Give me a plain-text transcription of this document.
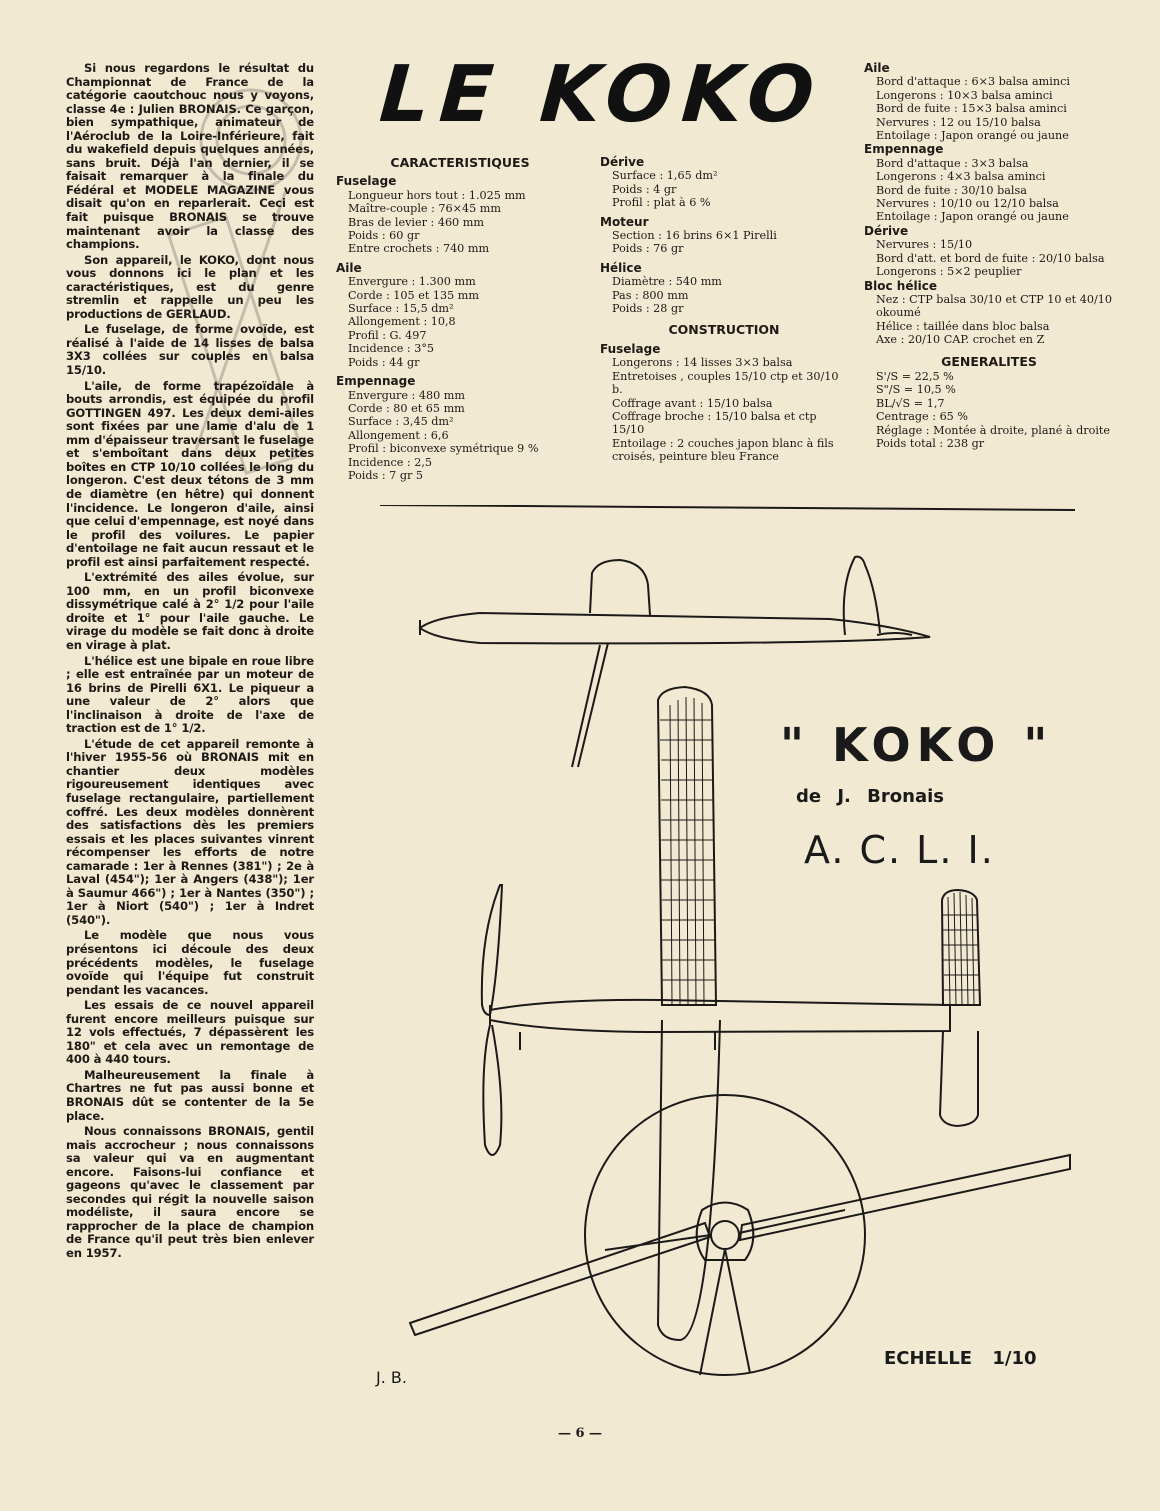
Si nous regardons le résultat du Championnat de France de la catégorie caoutchouc nous y voyons, classe 4e : Julien BRONAIS. Ce garçon, bien sympathique, animateur de l'Aéroclub de la Loire-Inférieure, fait du wakefield depuis quelques années, sans bruit. Déjà l'an dernier, il se faisait remarquer à la finale du Fédéral et MODELE MAGAZINE vous disait qu'on en reparlerait. Ceci est fait puisque BRONAIS se trouve maintenant avoir la classe des champions.

Son appareil, le KOKO, dont nous vous donnons ici le plan et les caractéristiques, est du genre stremlin et rappelle un peu les productions de GERLAUD.

Le fuselage, de forme ovoïde, est réalisé à l'aide de 14 lisses de balsa 3X3 collées sur couples en balsa 15/10.

L'aile, de forme trapézoïdale à bouts arrondis, est équipée du profil GOTTINGEN 497. Les deux demi-ailes sont fixées par une lame d'alu de 1 mm d'épaisseur traversant le fuselage et s'emboîtant dans deux petites boîtes en CTP 10/10 collées le long du longeron. C'est deux tétons de 3 mm de diamètre (en hêtre) qui donnent l'incidence. Le longeron d'aile, ainsi que celui d'empennage, est noyé dans le profil des voilures. Le papier d'entoilage ne fait aucun ressaut et le profil est ainsi parfaitement respecté.

L'extrémité des ailes évolue, sur 100 mm, en un profil biconvexe dissymétrique calé à 2° 1/2 pour l'aile droite et 1° pour l'aile gauche. Le virage du modèle se fait donc à droite en virage à plat.

L'hélice est une bipale en roue libre ; elle est entraînée par un moteur de 16 brins de Pirelli 6X1. Le piqueur a une valeur de 2° alors que l'inclinaison à droite de l'axe de traction est de 1° 1/2.

L'étude de cet appareil remonte à l'hiver 1955-56 où BRONAIS mit en chantier deux modèles rigoureusement identiques avec fuselage rectangulaire, partiellement coffré. Les deux modèles donnèrent des satisfactions dès les premiers essais et les places suivantes vinrent récompenser les efforts de notre camarade : 1er à Rennes (381") ; 2e à Laval (454"); 1er à Angers (438"); 1er à Saumur 466") ; 1er à Nantes (350") ; 1er à Niort (540") ; 1er à Indret (540").

Le modèle que nous vous présentons ici découle des deux précédents modèles, le fuselage ovoïde qui l'équipe fut construit pendant les vacances.

Les essais de ce nouvel appareil furent encore meilleurs puisque sur 12 vols effectués, 7 dépassèrent les 180" et cela avec un remontage de 400 à 440 tours.

Malheureusement la finale à Chartres ne fut pas aussi bonne et BRONAIS dût se contenter de la 5e place.

Nous connaissons BRONAIS, gentil mais accrocheur ; nous connaissons sa valeur qui va en augmentant encore. Faisons-lui confiance et gageons qu'avec le classement par secondes qui régit la nouvelle saison modéliste, il saura encore se rapprocher de la place de champion de France qu'il peut très bien enlever en 1957.

LE KOKO
CARACTERISTIQUES
Fuselage
Longueur hors tout : 1.025 mm
Maître-couple : 76×45 mm
Bras de levier : 460 mm
Poids : 60 gr
Entre crochets : 740 mm
Aile
Envergure : 1.300 mm
Corde : 105 et 135 mm
Surface : 15,5 dm²
Allongement : 10,8
Profil : G. 497
Incidence : 3°5
Poids : 44 gr
Empennage
Envergure : 480 mm
Corde : 80 et 65 mm
Surface : 3,45 dm²
Allongement : 6,6
Profil : biconvexe symétrique 9 %
Incidence : 2,5
Poids : 7 gr 5
Dérive
Surface : 1,65 dm²
Poids : 4 gr
Profil : plat à 6 %
Moteur
Section : 16 brins 6×1 Pirelli
Poids : 76 gr
Hélice
Diamètre : 540 mm
Pas : 800 mm
Poids : 28 gr
CONSTRUCTION
Fuselage
Longerons : 14 lisses 3×3 balsa
Entretoises , couples 15/10 ctp et 30/10 b.
Coffrage avant : 15/10 balsa
Coffrage broche : 15/10 balsa et ctp 15/10
Entoilage : 2 couches japon blanc à fils croisés, peinture bleu France
Aile
Bord d'attaque : 6×3 balsa aminci
Longerons : 10×3 balsa aminci
Bord de fuite : 15×3 balsa aminci
Nervures : 12 ou 15/10 balsa
Entoilage : Japon orangé ou jaune
Empennage
Bord d'attaque : 3×3 balsa
Longerons : 4×3 balsa aminci
Bord de fuite : 30/10 balsa
Nervures : 10/10 ou 12/10 balsa
Entoilage : Japon orangé ou jaune
Dérive
Nervures : 15/10
Bord d'att. et bord de fuite : 20/10 balsa
Longerons : 5×2 peuplier
Bloc hélice
Nez : CTP balsa 30/10 et CTP 10 et 40/10 okoumé
Hélice : taillée dans bloc balsa
Axe : 20/10 CAP. crochet en Z
GENERALITES
S'/S = 22,5 %
S"/S = 10,5 %
BL/√S = 1,7
Centrage : 65 %
Réglage : Montée à droite, plané à droite
Poids total : 238 gr
" KOKO "
de J. Bronais
A. C. L. I.
ECHELLE 1/10
J. B.
— 6 —
